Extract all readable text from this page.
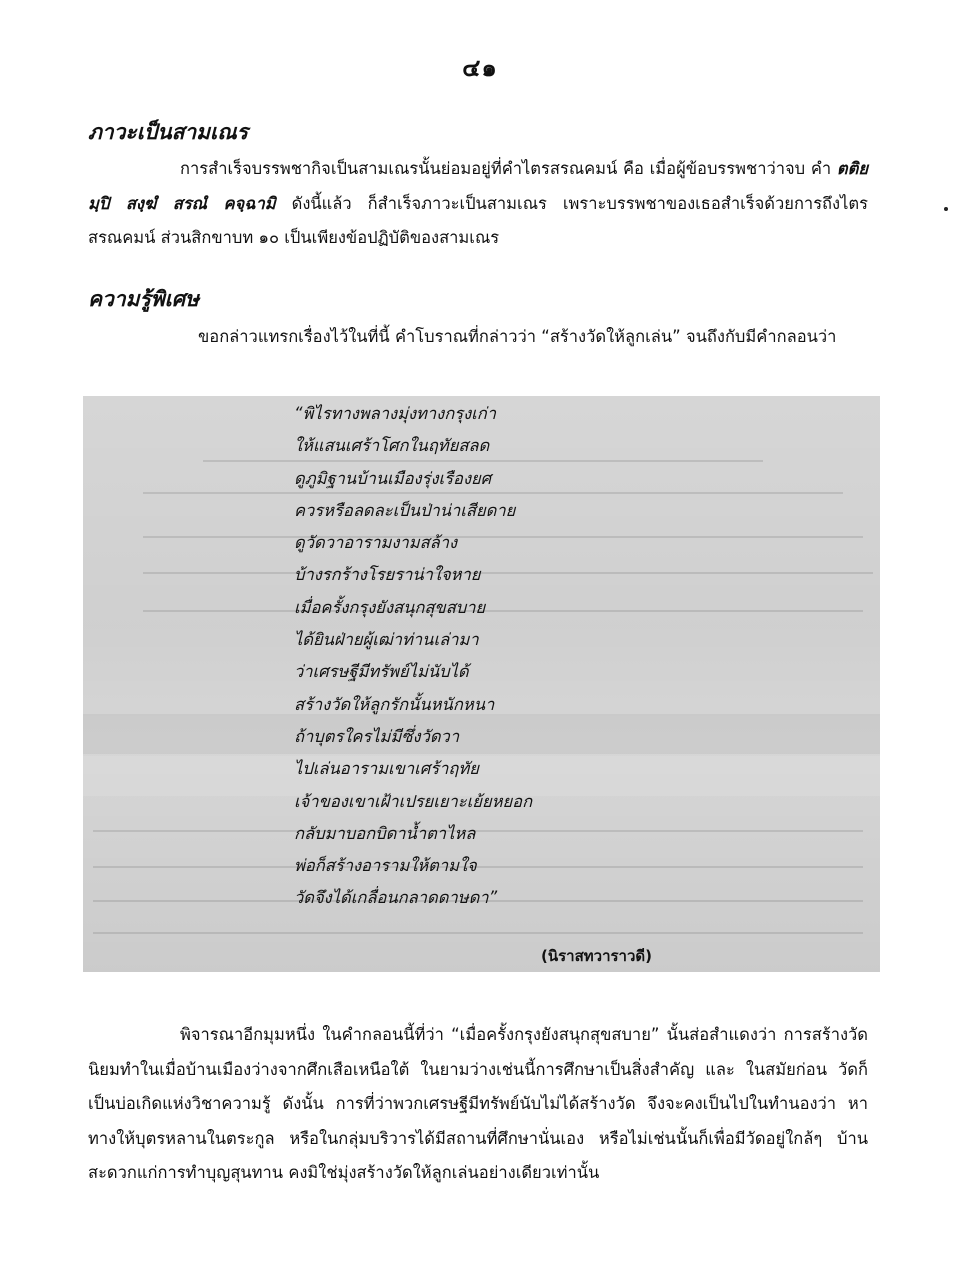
๔๑
ภาวะเป็นสามเณร

การสำเร็จบรรพชากิจเป็นสามเณรนั้นย่อมอยู่ที่คำไตรสรณคมน์ คือ เมื่อผู้ข้อบรรพชาว่าจบ คำ ตติยมฺปิ สงฺฆํ สรณํ คจฺฉามิ ดังนี้แล้ว ก็สำเร็จภาวะเป็นสามเณร เพราะบรรพชาของเธอสำเร็จด้วยการถึงไตรสรณคมน์ ส่วนสิกขาบท ๑๐ เป็นเพียงข้อปฏิบัติของสามเณร

ความรู้พิเศษ

ขอกล่าวแทรกเรื่องไว้ในที่นี้ คำโบราณที่กล่าวว่า “สร้างวัดให้ลูกเล่น” จนถึงกับมีคำกลอนว่า

“พิไรทางพลางมุ่งทางกรุงเก่า
ให้แสนเศร้าโศกในฤทัยสลด
ดูภูมิฐานบ้านเมืองรุ่งเรืองยศ
ควรหรือลดละเป็นป่าน่าเสียดาย
ดูวัดวาอารามงามสล้าง
บ้างรกร้างโรยราน่าใจหาย
เมื่อครั้งกรุงยังสนุกสุขสบาย
ได้ยินฝ่ายผู้เฒ่าท่านเล่ามา
ว่าเศรษฐีมีทรัพย์ไม่นับได้
สร้างวัดให้ลูกรักนั้นหนักหนา
ถ้าบุตรใครไม่มีซึ่งวัดวา
ไปเล่นอารามเขาเศร้าฤทัย
เจ้าของเขาเฝ้าเปรยเยาะเย้ยหยอก
กลับมาบอกบิดาน้ำตาไหล
พ่อก็สร้างอารามให้ตามใจ
วัดจึงได้เกลื่อนกลาดดาษดา”
(นิราสทวาราวดี)

พิจารณาอีกมุมหนึ่ง ในคำกลอนนี้ที่ว่า “เมื่อครั้งกรุงยังสนุกสุขสบาย” นั้นส่อสำแดงว่า การสร้างวัดนิยมทำในเมื่อบ้านเมืองว่างจากศึกเสือเหนือใต้ ในยามว่างเช่นนี้การศึกษาเป็นสิ่งสำคัญ และ ในสมัยก่อน วัดก็เป็นบ่อเกิดแห่งวิชาความรู้ ดังนั้น การที่ว่าพวกเศรษฐีมีทรัพย์นับไม่ได้สร้างวัด จึงจะคงเป็นไปในทำนองว่า หาทางให้บุตรหลานในตระกูล หรือในกลุ่มบริวารได้มีสถานที่ศึกษานั่นเอง หรือไม่เช่นนั้นก็เพื่อมีวัดอยู่ใกล้ๆ บ้านสะดวกแก่การทำบุญสุนทาน คงมิใช่มุ่งสร้างวัดให้ลูกเล่นอย่างเดียวเท่านั้น
